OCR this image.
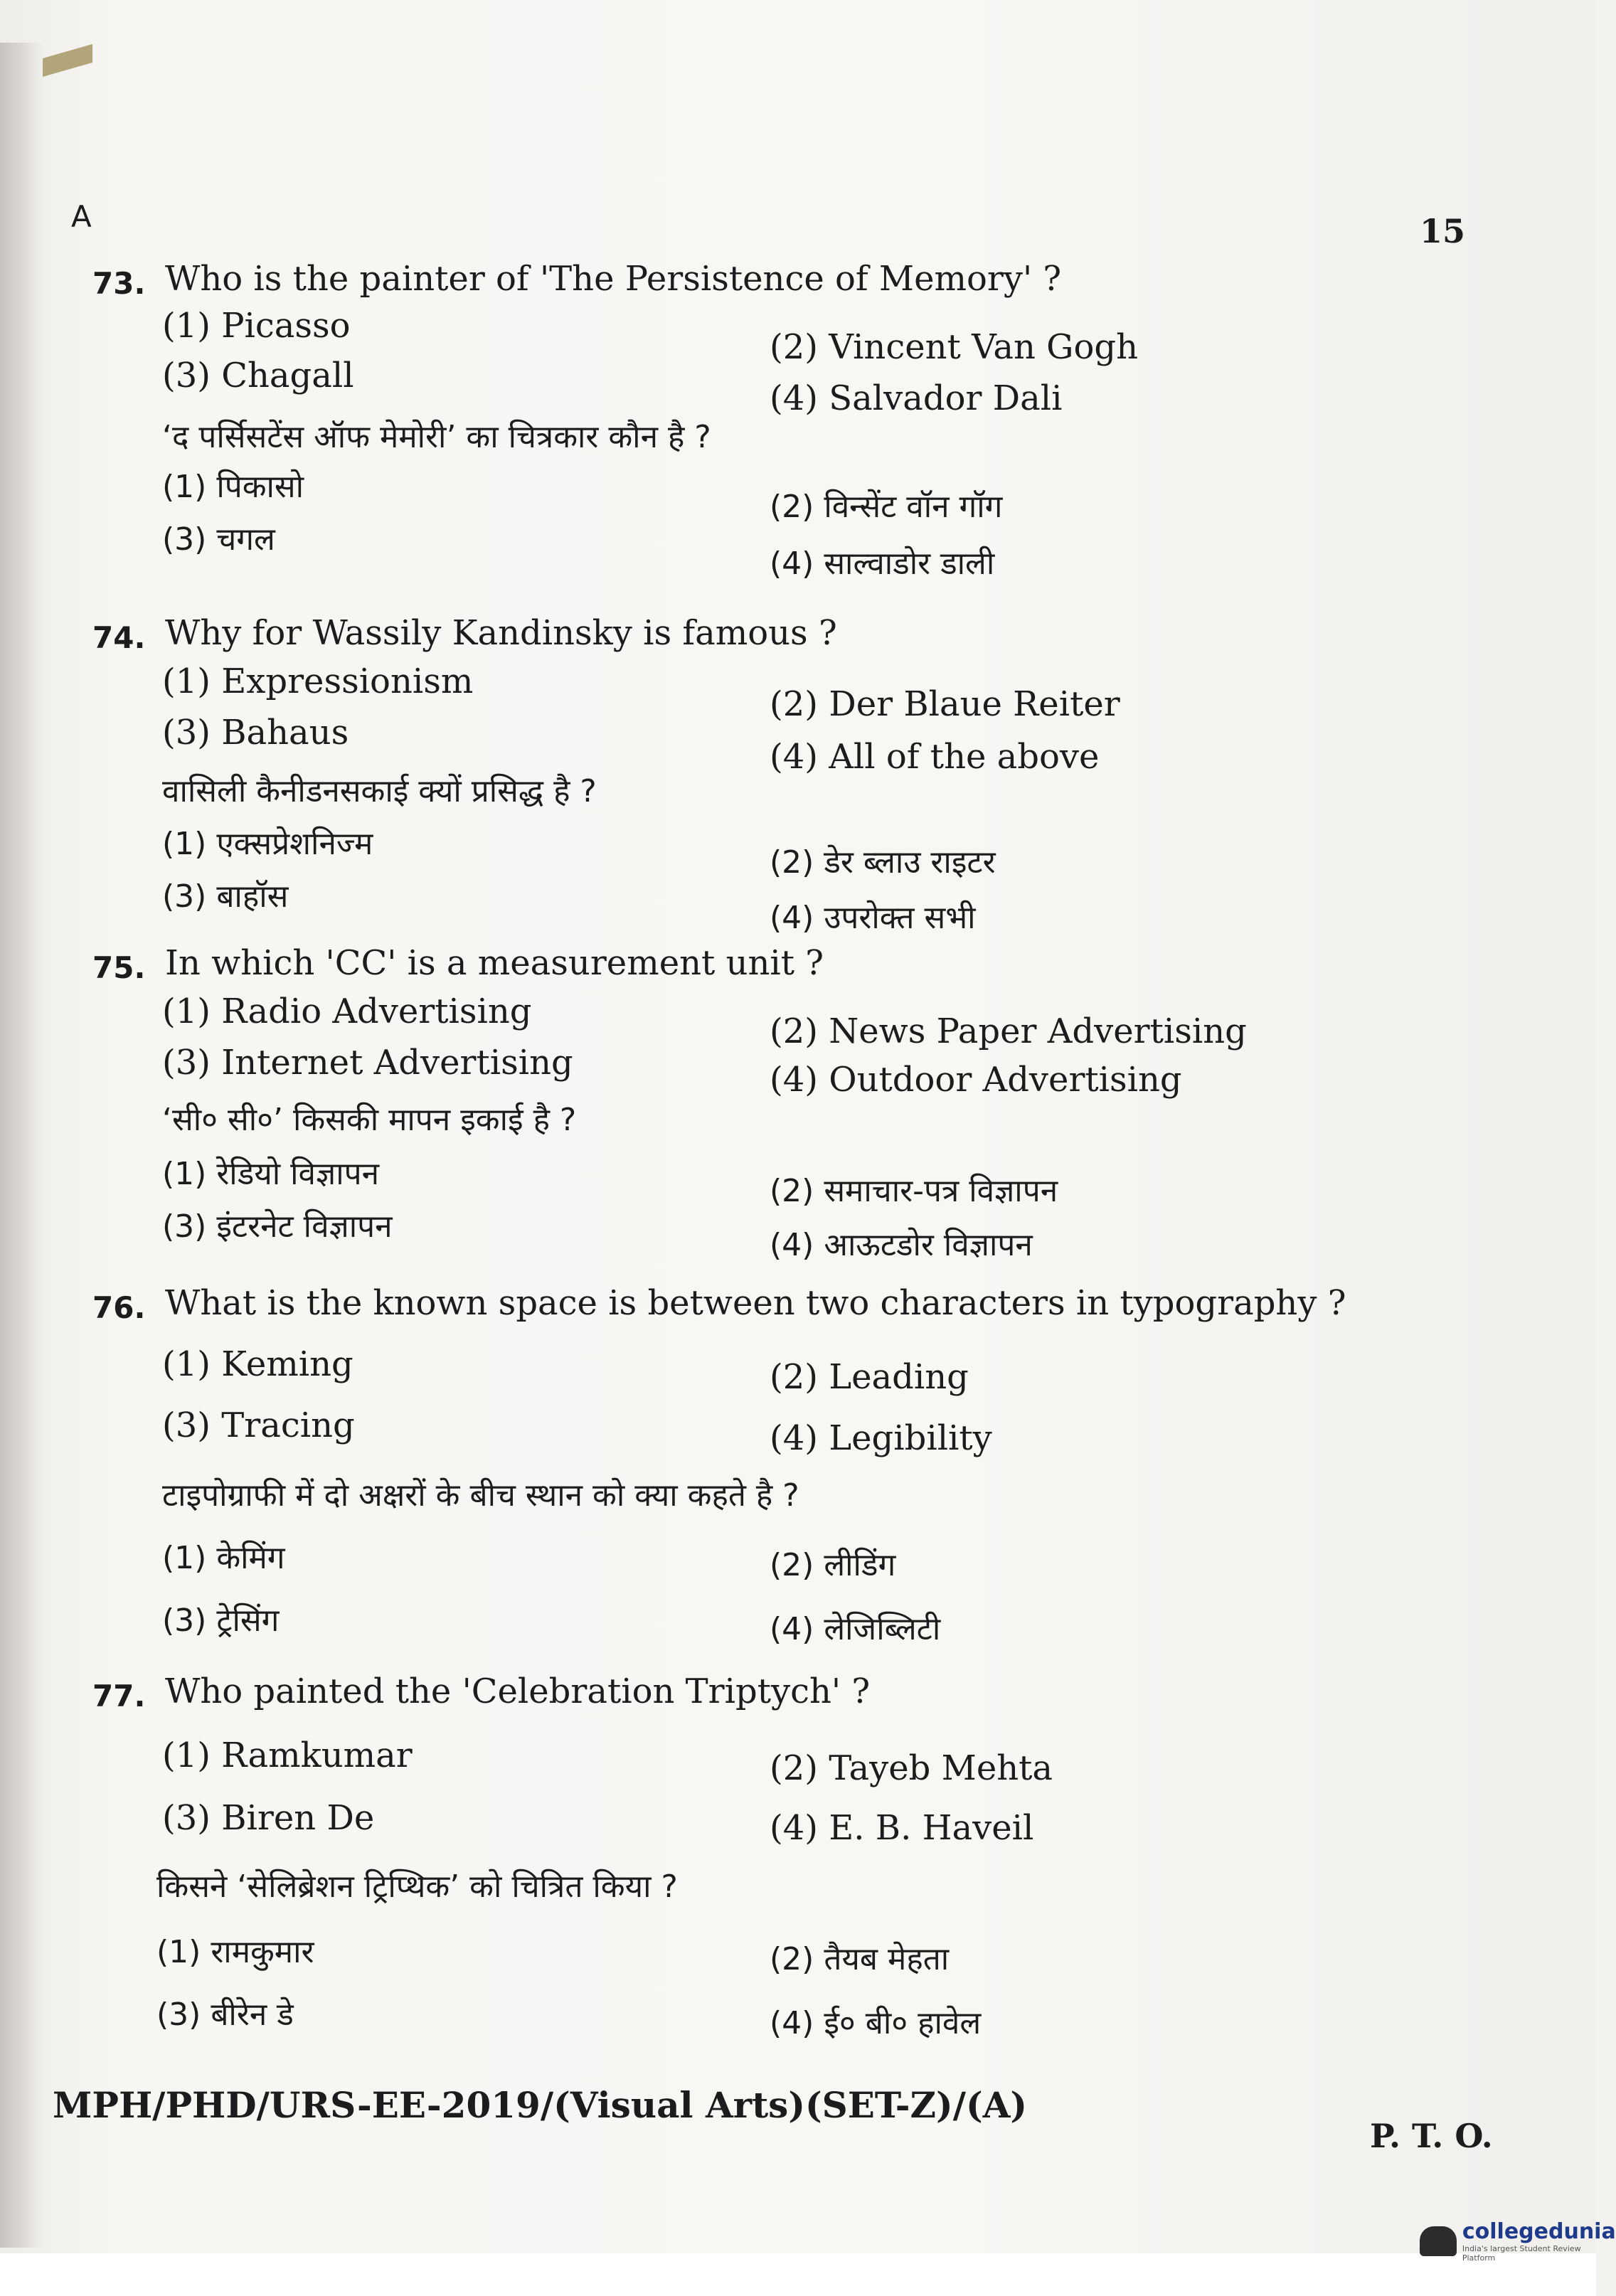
A	15
73. Who is the painter of 'The Persistence of Memory' ?
(1) Picasso
(2) Vincent Van Gogh
(3) Chagall
(4) Salvador Dali
‘द पर्सिसटेंस ऑफ मेमोरी’ का चित्रकार कौन है ?
(1) पिकासो
(2) विन्सेंट वॉन गॉग
(3) चगल
(4) साल्वाडोर डाली
74. Why for Wassily Kandinsky is famous ?
(1) Expressionism
(2) Der Blaue Reiter
(3) Bahaus
(4) All of the above
वासिली कैनीडनसकाई क्यों प्रसिद्ध है ?
(1) एक्सप्रेशनिज्म
(2) डेर ब्लाउ राइटर
(3) बाहॉस
(4) उपरोक्त सभी
75. In which 'CC' is a measurement unit ?
(1) Radio Advertising	(2) News Paper Advertising
(3) Internet Advertising	(4) Outdoor Advertising
‘सी० सी०’ किसकी मापन इकाई है ?
(1) रेडियो विज्ञापन	(2) समाचार-पत्र विज्ञापन
(3) इंटरनेट विज्ञापन
(4) आऊटडोर विज्ञापन
76. What is the known space is between two characters in typography ?
(1) Keming	(2) Leading
(3) Tracing	(4) Legibility
टाइपोग्राफी में दो अक्षरों के बीच स्थान को क्या कहते है ?
(1) केमिंग	(2) लीडिंग
(3) ट्रेसिंग	(4) लेजिब्लिटी
77. Who painted the 'Celebration Triptych' ?
(1) Ramkumar	(2) Tayeb Mehta
(3) Biren De	(4) E. B. Haveil
किसने ‘सेलिब्रेशन ट्रिप्थिक’ को चित्रित किया ?
(1) रामकुमार	(2) तैयब मेहता
(3) बीरेन डे	(4) ई० बी० हावेल
MPH/PHD/URS-EE-2019/(Visual Arts)(SET-Z)/(A)
P. T. O.
collegedunia
India's largest Student Review Platform
